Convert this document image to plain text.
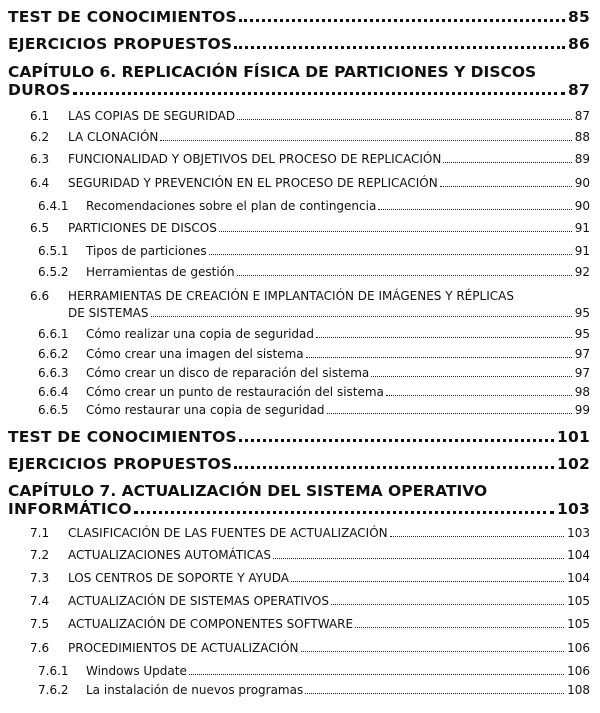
TEST DE CONOCIMIENTOS	85
EJERCICIOS PROPUESTOS	86
CAPÍTULO 6. REPLICACIÓN FÍSICA DE PARTICIONES Y DISCOS
DUROS	87
6.1 LAS COPIAS DE SEGURIDAD	87
6.2 LA CLONACIÓN	88
6.3 FUNCIONALIDAD Y OBJETIVOS DEL PROCESO DE REPLICACIÓN	89
6.4 SEGURIDAD Y PREVENCIÓN EN EL PROCESO DE REPLICACIÓN	90
6.4.1 Recomendaciones sobre el plan de contingencia	90
6.5 PARTICIONES DE DISCOS	91
6.5.1 Tipos de particiones	91
6.5.2 Herramientas de gestión	92
6.6 HERRAMIENTAS DE CREACIÓN E IMPLANTACIÓN DE IMÁGENES Y RÉPLICAS
DE SISTEMAS	95
6.6.1 Cómo realizar una copia de seguridad	95
6.6.2 Cómo crear una imagen del sistema	97
6.6.3 Cómo crear un disco de reparación del sistema	97
6.6.4 Cómo crear un punto de restauración del sistema	98
6.6.5 Cómo restaurar una copia de seguridad	99
TEST DE CONOCIMIENTOS	101
EJERCICIOS PROPUESTOS	102
CAPÍTULO 7. ACTUALIZACIÓN DEL SISTEMA OPERATIVO
INFORMÁTICO	103
7.1 CLASIFICACIÓN DE LAS FUENTES DE ACTUALIZACIÓN	103
7.2 ACTUALIZACIONES AUTOMÁTICAS	104
7.3 LOS CENTROS DE SOPORTE Y AYUDA	104
7.4 ACTUALIZACIÓN DE SISTEMAS OPERATIVOS	105
7.5 ACTUALIZACIÓN DE COMPONENTES SOFTWARE	105
7.6 PROCEDIMIENTOS DE ACTUALIZACIÓN	106
7.6.1 Windows Update	106
7.6.2 La instalación de nuevos programas	108
